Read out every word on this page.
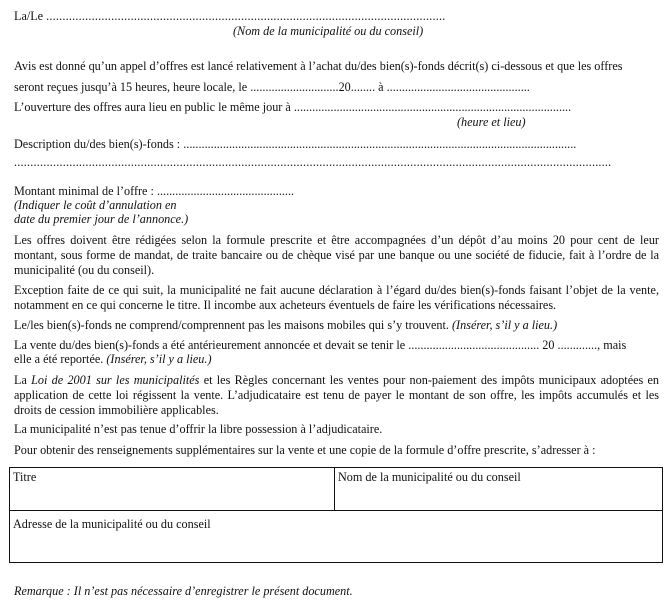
La/Le ...........................................................................................................................
(Nom de la municipalité ou du conseil)
Avis est donné qu’un appel d’offres est lancé relativement à l’achat du/des bien(s)-fonds décrit(s) ci-dessous et que les offres
seront reçues jusqu’à 15 heures, heure locale, le .............................20........ à ...............................................
L’ouverture des offres aura lieu en public le même jour à ...........................................................................................
(heure et lieu)
Description du/des bien(s)-fonds : .................................................................................................................................
........................................................................................................................................................................................
Montant minimal de l’offre : .............................................
(Indiquer le coût d’annulation en
date du premier jour de l’annonce.)
Les offres doivent être rédigées selon la formule prescrite et être accompagnées d’un dépôt d’au moins 20 pour cent de leur montant, sous forme de mandat, de traite bancaire ou de chèque visé par une banque ou une société de fiducie, fait à l’ordre de la municipalité (ou du conseil).
Exception faite de ce qui suit, la municipalité ne fait aucune déclaration à l’égard du/des bien(s)-fonds faisant l’objet de la vente, notamment en ce qui concerne le titre. Il incombe aux acheteurs éventuels de faire les vérifications nécessaires.
Le/les bien(s)-fonds ne comprend/comprennent pas les maisons mobiles qui s’y trouvent. (Insérer, s’il y a lieu.)
La vente du/des bien(s)-fonds a été antérieurement annoncée et devait se tenir le ........................................... 20 ............., mais
elle a été reportée. (Insérer, s’il y a lieu.)
La Loi de 2001 sur les municipalités et les Règles concernant les ventes pour non-paiement des impôts municipaux adoptées en application de cette loi régissent la vente. L’adjudicataire est tenu de payer le montant de son offre, les impôts accumulés et les droits de cession immobilière applicables.
La municipalité n’est pas tenue d’offrir la libre possession à l’adjudicataire.
Pour obtenir des renseignements supplémentaires sur la vente et une copie de la formule d’offre prescrite, s’adresser à :
Titre	Nom de la municipalité ou du conseil
Adresse de la municipalité ou du conseil
Remarque : Il n’est pas nécessaire d’enregistrer le présent document.
